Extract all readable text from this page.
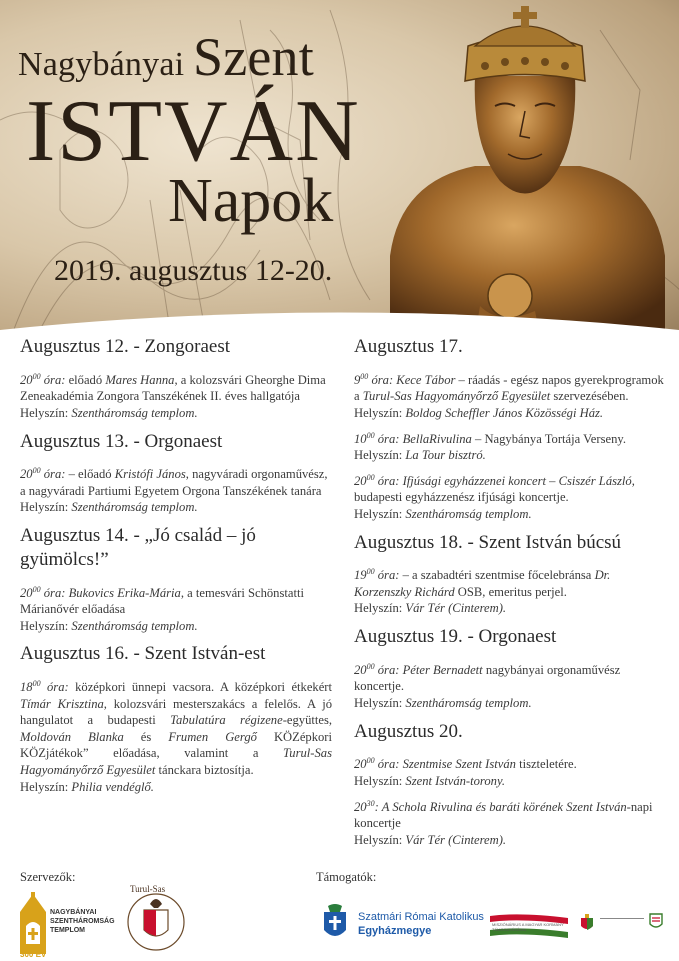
Nagybányai Szent
ISTVÁN
Napok
2019. augusztus 12-20.
Augusztus 12. - Zongoraest

$20^{00}$ óra: előadó Mares Hanna, a kolozsvári Gheorghe Dima Zeneakadémia Zongora Tanszékének II. éves hallgatója
Helyszín: Szentháromság templom.

Augusztus 13. - Orgonaest

$20^{00}$ óra: – előadó Kristófi János, nagyváradi orgonaművész, a nagyváradi Partiumi Egyetem Orgona Tanszékének tanára
Helyszín: Szentháromság templom.

Augusztus 14. - „Jó család – jó gyümölcs!”

$20^{00}$ óra: Bukovics Erika-Mária, a temesvári Schönstatti Márianővér előadása
Helyszín: Szentháromság templom.

Augusztus 16. - Szent István-est

$18^{00}$ óra: középkori ünnepi vacsora. A középkori étkekért Tímár Krisztina, kolozsvári mesterszakács a felelős. A jó hangulatot a budapesti Tabulatúra régizene-együttes, Moldován Blanka és Frumen Gergő KÖZépkori KÖZjátékok” előadása, valamint a Turul-Sas Hagyományőrző Egyesület tánckara biztosítja.
Helyszín: Philia vendéglő.

Augusztus 17.

$9^{00}$ óra: Kece Tábor – ráadás - egész napos gyerekprogramok a Turul-Sas Hagyományőrző Egyesület szervezésében.
Helyszín: Boldog Scheffler János Közösségi Ház.

$10^{00}$ óra: BellaRivulina – Nagybánya Tortája Verseny.
Helyszín: La Tour bisztró.

$20^{00}$ óra: Ifjúsági egyházzenei koncert – Csiszér László, budapesti egyházzenész ifjúsági koncertje.
Helyszín: Szentháromság templom.

Augusztus 18. - Szent István búcsú

$19^{00}$ óra: – a szabadtéri szentmise főcelebránsa Dr. Korzenszky Richárd OSB, emeritus perjel.
Helyszín: Vár Tér (Cinterem).

Augusztus 19. - Orgonaest

$20^{00}$ óra: Péter Bernadett nagybányai orgonaművész koncertje.
Helyszín: Szentháromság templom.

Augusztus 20.

$20^{00}$ óra: Szentmise Szent István tiszteletére.
Helyszín: Szent István-torony.

$20^{30}$: A Schola Rivulina és baráti körének Szent István-napi koncertje
Helyszín: Vár Tér (Cinterem).

Szervezők:	Támogatók:
NAGYBÁNYAI
SZENTHÁROMSÁG
TEMPLOM
300 ÉV
Turul-Sas
Szatmári Római Katolikus
Egyházmegye
MISZIÓNÁRIUS A MAGYAR KORMÁNY TÁMOGATÁSÁVAL
